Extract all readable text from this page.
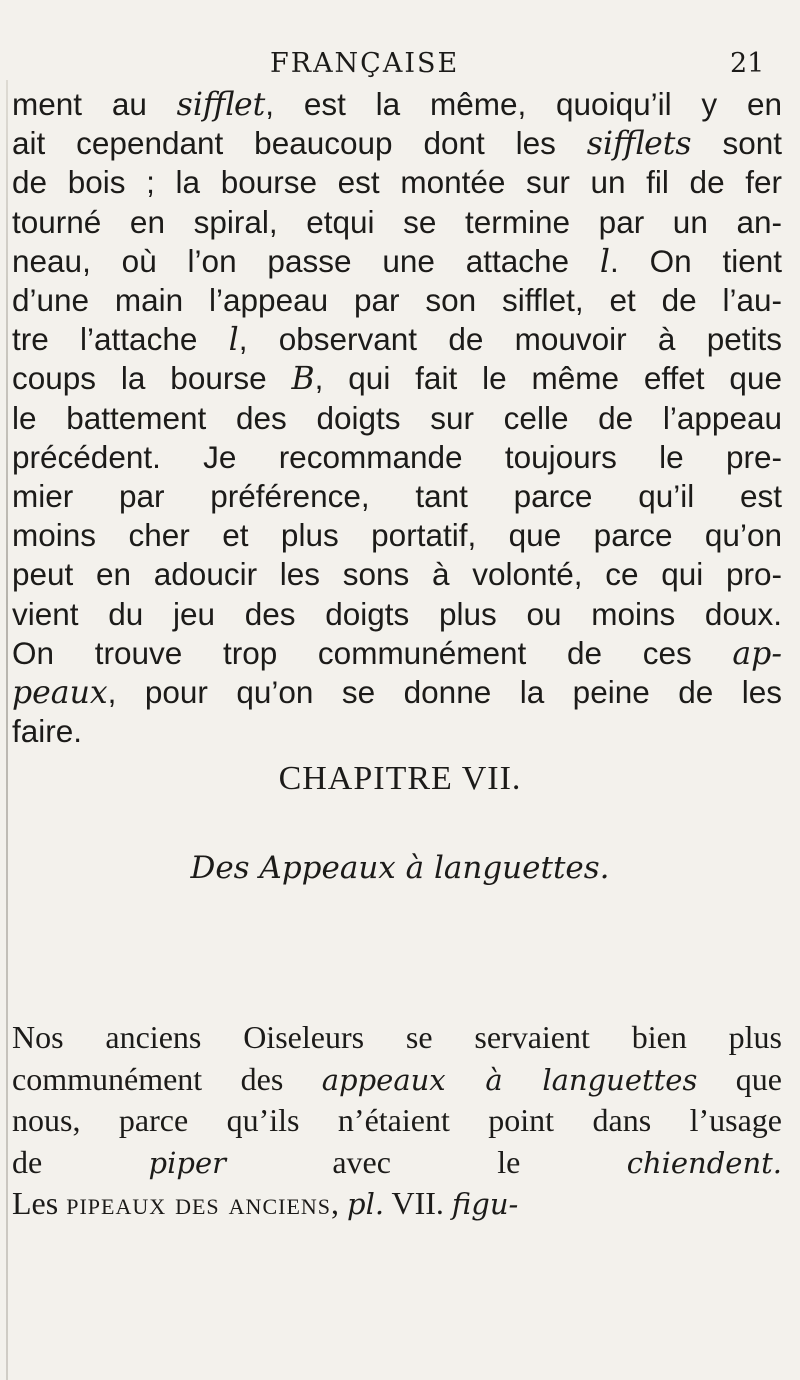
FRANÇAISE	21
ment au sifflet, est la même, quoiqu’il y en
ait cependant beaucoup dont les sifflets sont
de bois ; la bourse est montée sur un fil de fer
tourné en spiral, etqui se termine par un an-
neau, où l’on passe une attache l. On tient
d’une main l’appeau par son sifflet, et de l’au-
tre l’attache l, observant de mouvoir à petits
coups la bourse B, qui fait le même effet que
le battement des doigts sur celle de l’appeau
précédent. Je recommande toujours le pre-
mier par préférence, tant parce qu’il est
moins cher et plus portatif, que parce qu’on
peut en adoucir les sons à volonté, ce qui pro-
vient du jeu des doigts plus ou moins doux.
On trouve trop communément de ces ap-
peaux, pour qu’on se donne la peine de les
faire.
CHAPITRE VII.
Des Appeaux à languettes.
Nos anciens Oiseleurs se servaient bien plus
communément des appeaux à languettes que
nous, parce qu’ils n’étaient point dans l’usage
de piper avec le chiendent.
Les pipeaux des anciens, pl. VII. figu-
